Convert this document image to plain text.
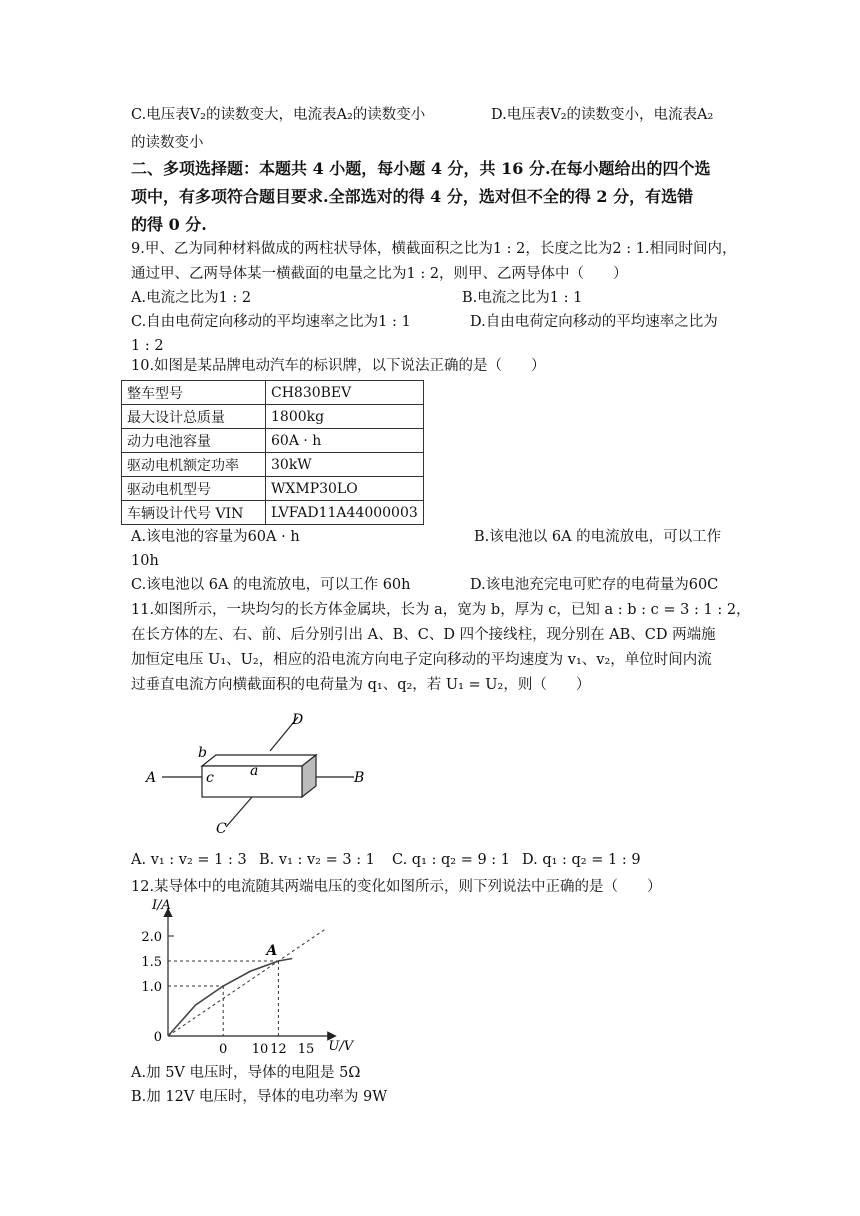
C.电压表V₂的读数变大，电流表A₂的读数变小	D.电压表V₂的读数变小，电流表A₂
的读数变小
二、多项选择题：本题共 4 小题，每小题 4 分，共 16 分.在每小题给出的四个选
项中，有多项符合题目要求.全部选对的得 4 分，选对但不全的得 2 分，有选错
的得 0 分.
9.甲、乙为同种材料做成的两柱状导体，横截面积之比为1 : 2，长度之比为2 : 1.相同时间内，
通过甲、乙两导体某一横截面的电量之比为1 : 2，则甲、乙两导体中（　　）
A.电流之比为1 : 2	B.电流之比为1 : 1
C.自由电荷定向移动的平均速率之比为1 : 1	D.自由电荷定向移动的平均速率之比为
1 : 2
10.如图是某品牌电动汽车的标识牌，以下说法正确的是（　　）
整车型号	CH830BEV
最大设计总质量	1800kg
动力电池容量	60A · h
驱动电机额定功率	30kW
驱动电机型号	WXMP30LO
车辆设计代号 VIN	LVFAD11A44000003
A.该电池的容量为60A · h	B.该电池以 6A 的电流放电，可以工作
10h
C.该电池以 6A 的电流放电，可以工作 60h	D.该电池充完电可贮存的电荷量为60C
11.如图所示，一块均匀的长方体金属块，长为 a，宽为 b，厚为 c，已知 a : b : c = 3 : 1 : 2，
在长方体的左、右、前、后分别引出 A、B、C、D 四个接线柱，现分别在 AB、CD 两端施
加恒定电压 U₁、U₂，相应的沿电流方向电子定向移动的平均速度为 v₁、v₂，单位时间内流
过垂直电流方向横截面积的电荷量为 q₁、q₂，若 U₁ = U₂，则（　　）
D
b
A	c	a	B
C
A. v₁ : v₂ = 1 : 3 B. v₁ : v₂ = 3 : 1 C. q₁ : q₂ = 9 : 1 D. q₁ : q₂ = 1 : 9
12.某导体中的电流随其两端电压的变化如图所示，则下列说法中正确的是（　　）
I/A
U/V
0
1.0
1.5
2.0
A
0 10 12 15
A.加 5V 电压时，导体的电阻是 5Ω
B.加 12V 电压时，导体的电功率为 9W
